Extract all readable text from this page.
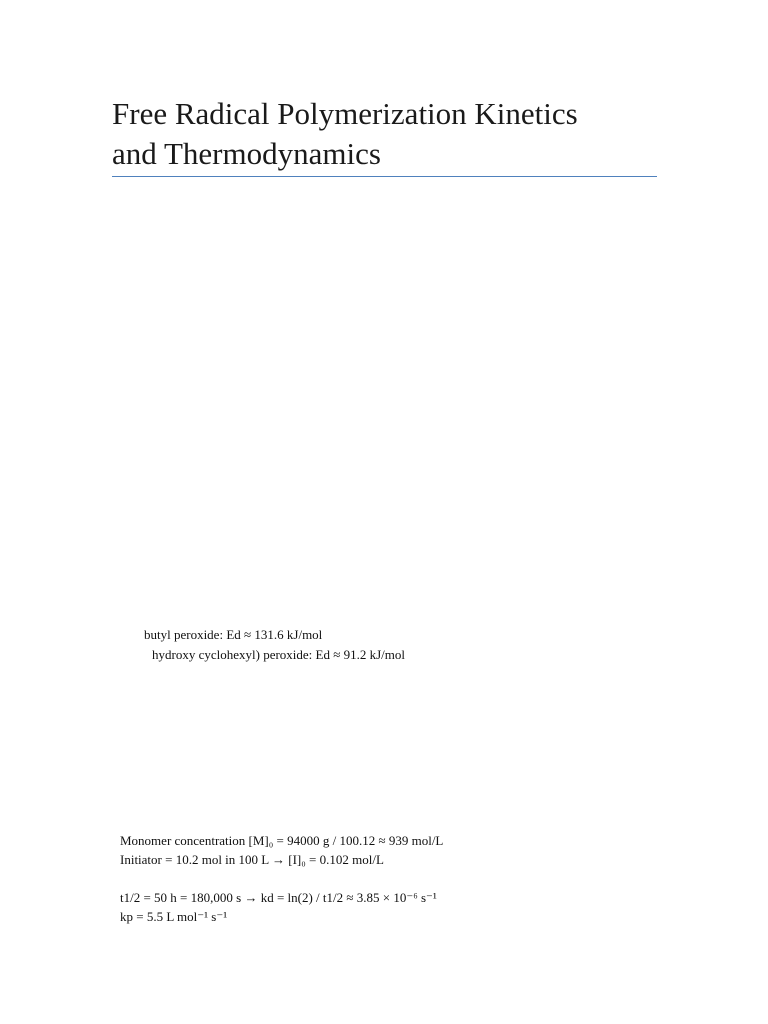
Free Radical Polymerization Kinetics
and Thermodynamics
butyl peroxide: Ed ≈ 131.6 kJ/mol
hydroxy cyclohexyl) peroxide: Ed ≈ 91.2 kJ/mol
Monomer concentration [M]₀ = 94000 g / 100.12 ≈ 939 mol/L
Initiator = 10.2 mol in 100 L → [I]₀ = 0.102 mol/L
t1/2 = 50 h = 180,000 s → kd = ln(2) / t1/2 ≈ 3.85 × 10⁻⁶ s⁻¹
kp = 5.5 L mol⁻¹ s⁻¹
